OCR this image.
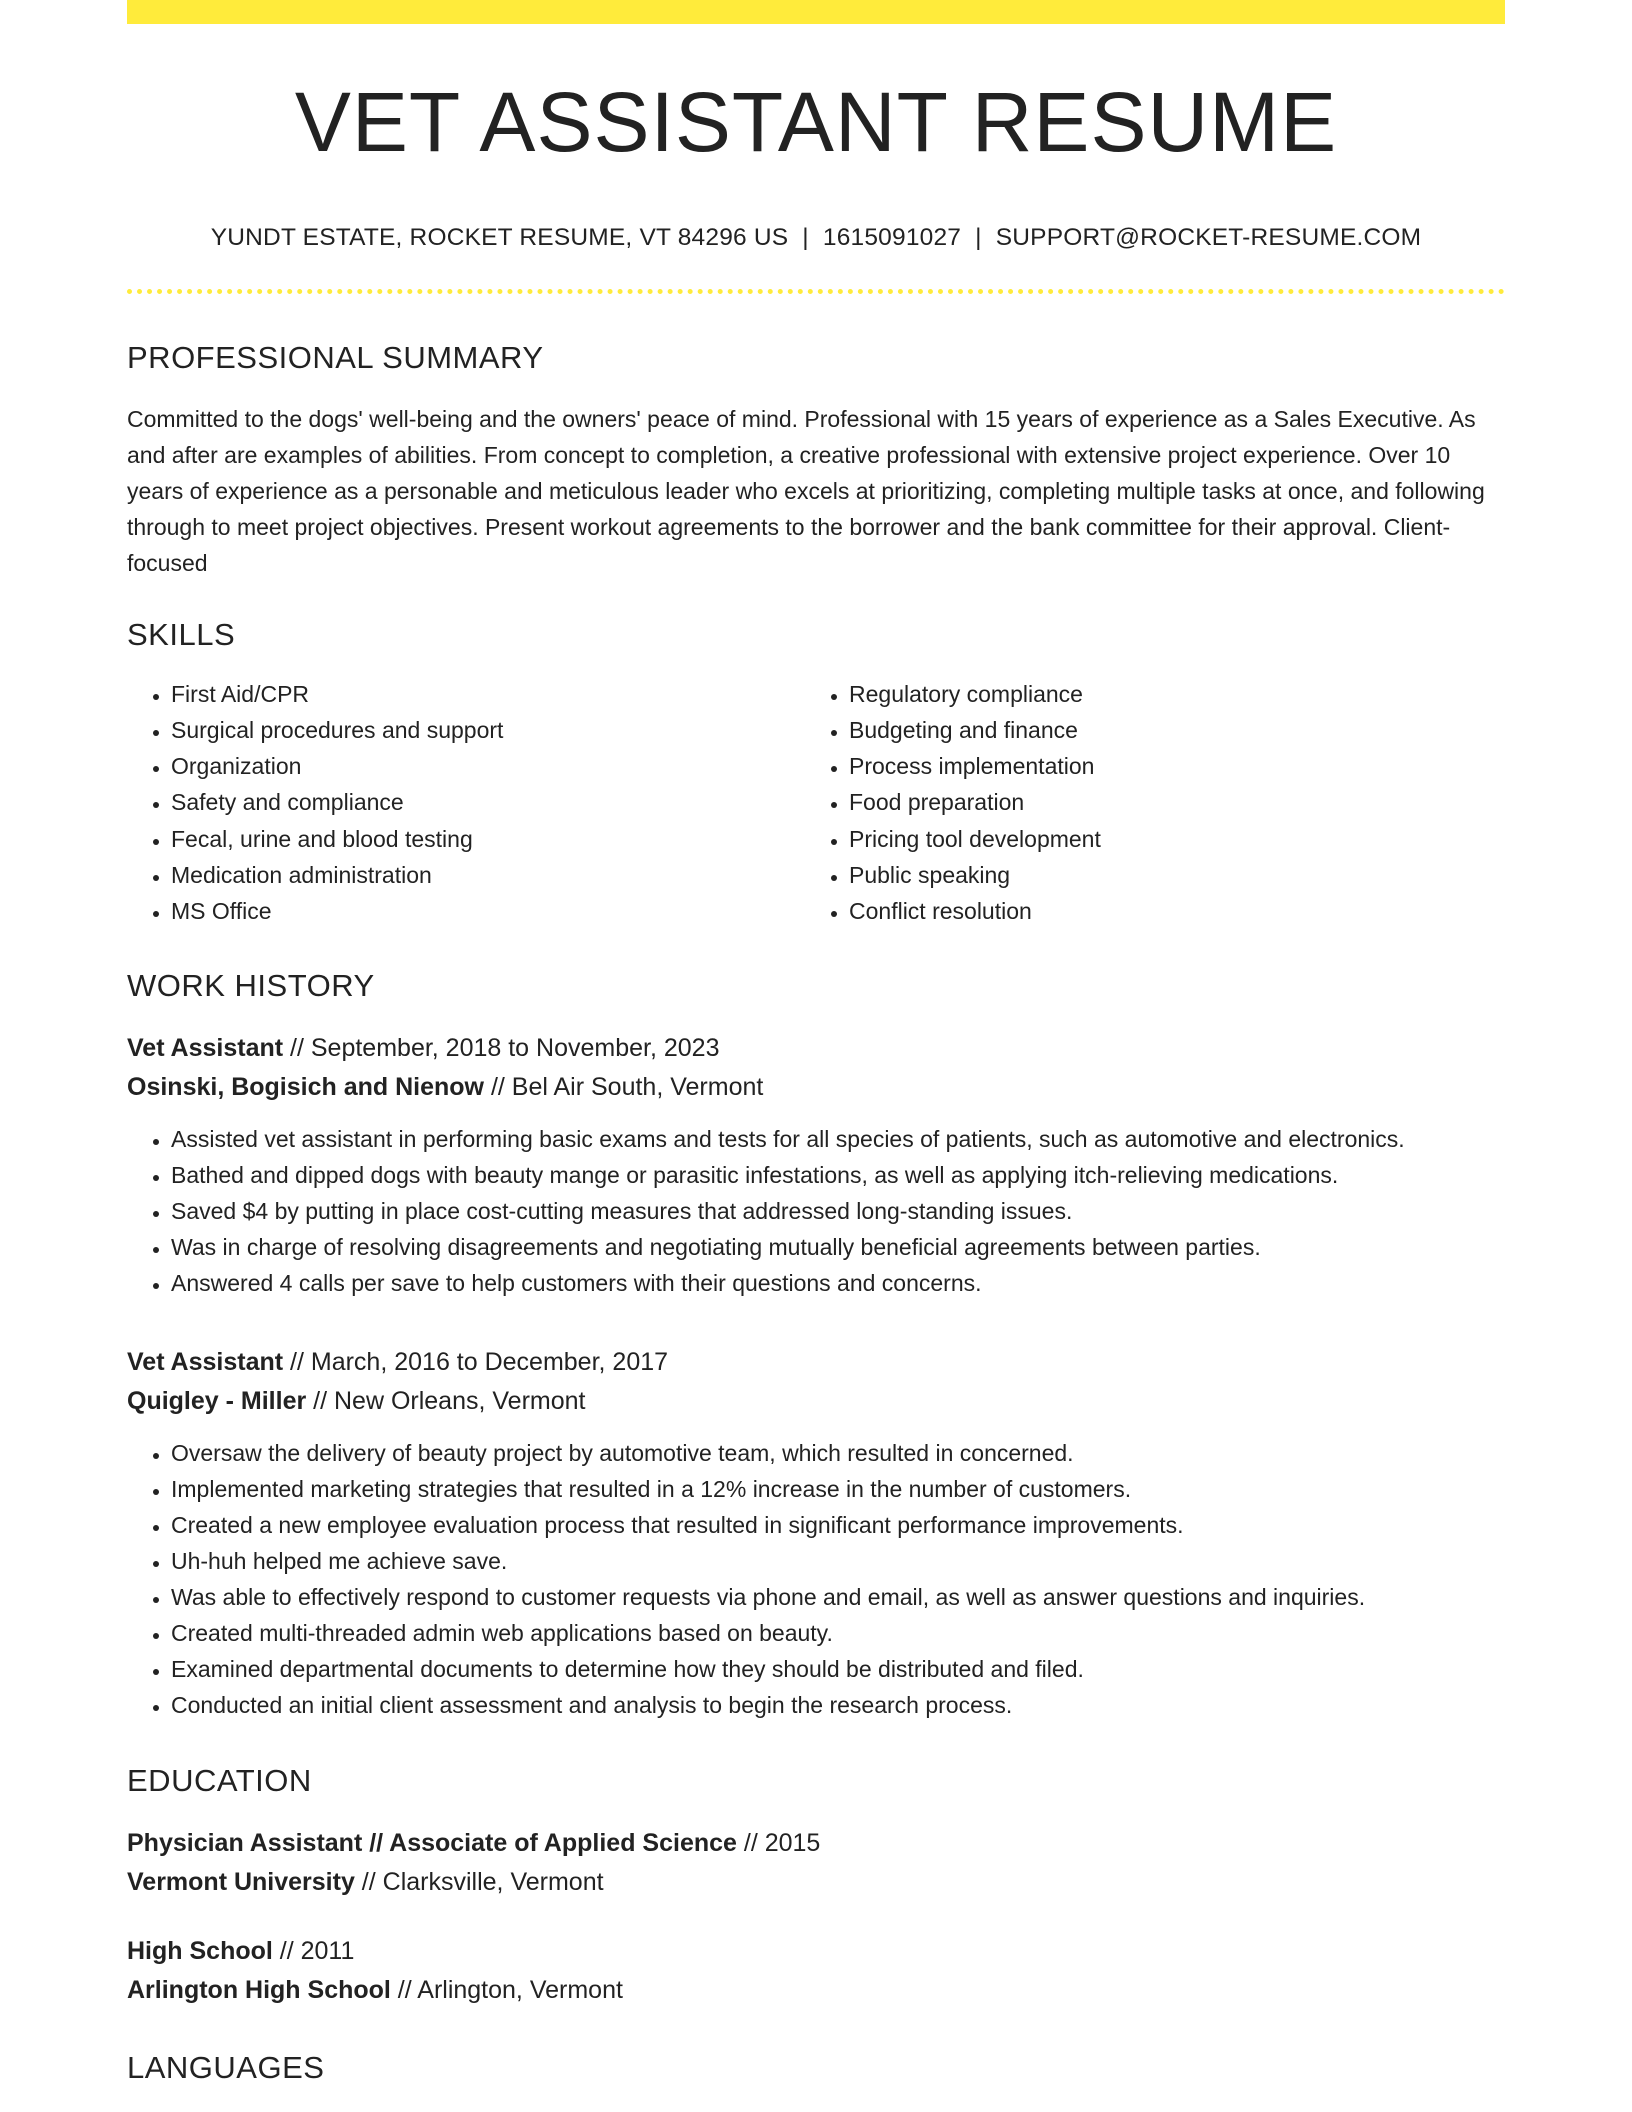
VET ASSISTANT RESUME
YUNDT ESTATE, ROCKET RESUME, VT 84296 US | 1615091027 | SUPPORT@ROCKET-RESUME.COM
PROFESSIONAL SUMMARY

Committed to the dogs' well-being and the owners' peace of mind. Professional with 15 years of experience as a Sales Executive. As and after are examples of abilities. From concept to completion, a creative professional with extensive project experience. Over 10 years of experience as a personable and meticulous leader who excels at prioritizing, completing multiple tasks at once, and following through to meet project objectives. Present workout agreements to the borrower and the bank committee for their approval. Client-focused

SKILLS
• First Aid/CPR
• Surgical procedures and support
• Organization
• Safety and compliance
• Fecal, urine and blood testing
• Medication administration
• MS Office
• Regulatory compliance
• Budgeting and finance
• Process implementation
• Food preparation
• Pricing tool development
• Public speaking
• Conflict resolution
WORK HISTORY
Vet Assistant // September, 2018 to November, 2023
Osinski, Bogisich and Nienow // Bel Air South, Vermont
• Assisted vet assistant in performing basic exams and tests for all species of patients, such as automotive and electronics.
• Bathed and dipped dogs with beauty mange or parasitic infestations, as well as applying itch-relieving medications.
• Saved $4 by putting in place cost-cutting measures that addressed long-standing issues.
• Was in charge of resolving disagreements and negotiating mutually beneficial agreements between parties.
• Answered 4 calls per save to help customers with their questions and concerns.
Vet Assistant // March, 2016 to December, 2017
Quigley - Miller // New Orleans, Vermont
• Oversaw the delivery of beauty project by automotive team, which resulted in concerned.
• Implemented marketing strategies that resulted in a 12% increase in the number of customers.
• Created a new employee evaluation process that resulted in significant performance improvements.
• Uh-huh helped me achieve save.
• Was able to effectively respond to customer requests via phone and email, as well as answer questions and inquiries.
• Created multi-threaded admin web applications based on beauty.
• Examined departmental documents to determine how they should be distributed and filed.
• Conducted an initial client assessment and analysis to begin the research process.
EDUCATION
Physician Assistant // Associate of Applied Science // 2015
Vermont University // Clarksville, Vermont
High School // 2011
Arlington High School // Arlington, Vermont
LANGUAGES
